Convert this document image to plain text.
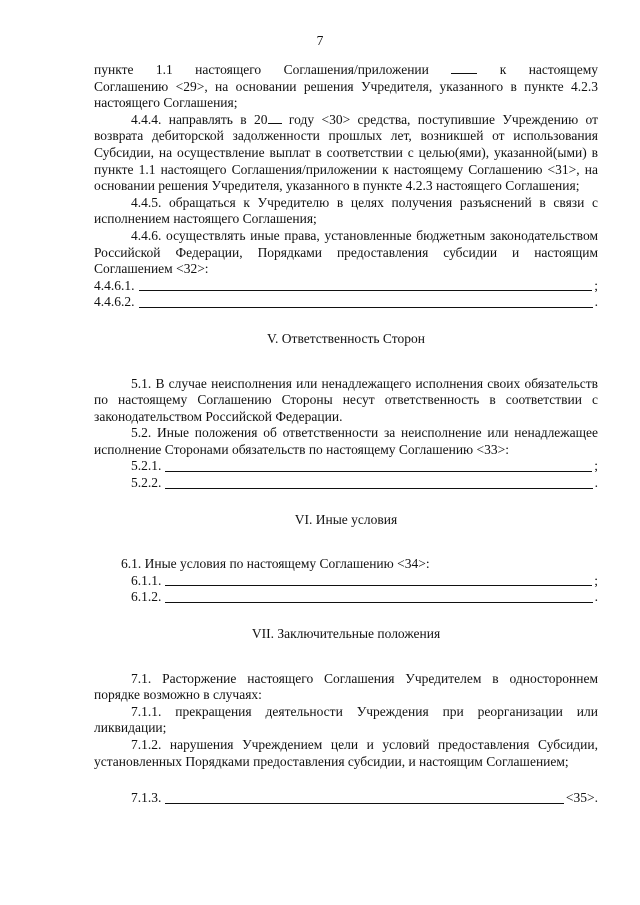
7

пункте 1.1 настоящего Соглашения/приложении	к настоящему

Соглашению <29>, на основании решения Учредителя, указанного в пункте 4.2.3 настоящего Соглашения;

4.4.4. направлять в 20 году <30> средства, поступившие Учреждению от возврата дебиторской задолженности прошлых лет, возникшей от использования Субсидии, на осуществление выплат в соответствии с целью(ями), указанной(ыми) в пункте 1.1 настоящего Соглашения/приложении к настоящему Соглашению <31>, на основании решения Учредителя, указанного в пункте 4.2.3 настоящего Соглашения;

4.4.5. обращаться к Учредителю в целях получения разъяснений в связи с исполнением настоящего Соглашения;

4.4.6. осуществлять иные права, установленные бюджетным законодательством Российской Федерации, Порядками предоставления субсидии и настоящим Соглашением <32>:

4.4.6.1.	;
4.4.6.2.	.

V. Ответственность Сторон

5.1. В случае неисполнения или ненадлежащего исполнения своих обязательств по настоящему Соглашению Стороны несут ответственность в соответствии с законодательством Российской Федерации.

5.2. Иные положения об ответственности за неисполнение или ненадлежащее исполнение Сторонами обязательств по настоящему Соглашению <33>:

5.2.1.	;
5.2.2.	.

VI. Иные условия

6.1. Иные условия по настоящему Соглашению <34>:

6.1.1.	;
6.1.2.	.

VII. Заключительные положения

7.1. Расторжение настоящего Соглашения Учредителем в одностороннем порядке возможно в случаях:

7.1.1. прекращения деятельности Учреждения при реорганизации или ликвидации;

7.1.2. нарушения Учреждением цели и условий предоставления Субсидии, установленных Порядками предоставления субсидии, и настоящим Соглашением;

7.1.3.	<35>.
